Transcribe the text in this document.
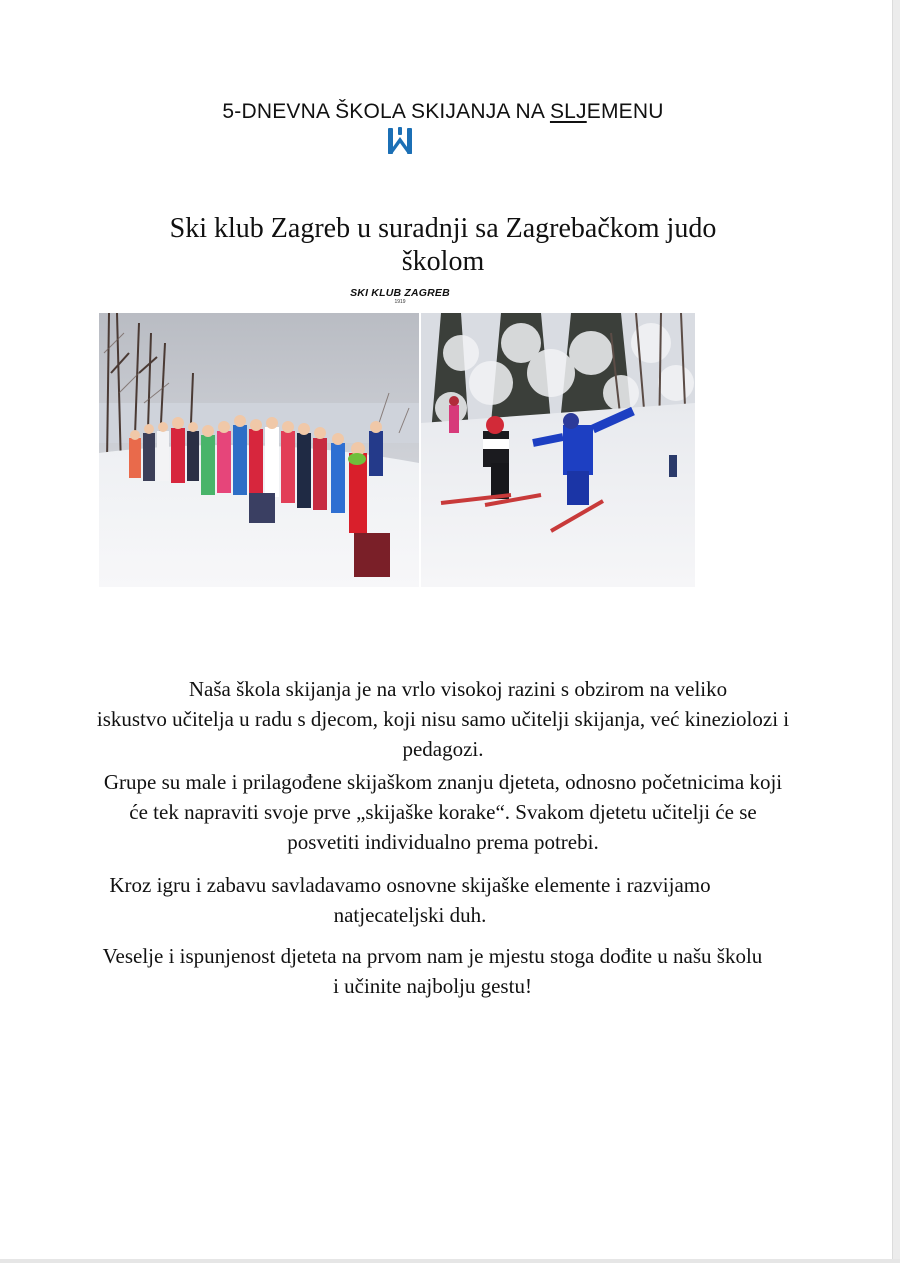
5-DNEVNA ŠKOLA SKIJANJA NA SLJEMENU
SKI KLUB ZAGREB
1919
Ski klub Zagreb u suradnji sa Zagrebačkom judo školom
Naša škola skijanja je na vrlo visokoj razini s obzirom na veliko
iskustvo učitelja u radu s djecom, koji nisu samo učitelji skijanja, već kineziolozi i pedagozi.
Grupe su male i prilagođene skijaškom znanju djeteta, odnosno početnicima koji će tek napraviti svoje prve „skijaške korake“. Svakom djetetu učitelji će se posvetiti individualno prema potrebi.
Kroz igru i zabavu savladavamo osnovne skijaške elemente i razvijamo natjecateljski duh.
Veselje i ispunjenost djeteta na prvom nam je mjestu stoga dođite u našu školu i učinite najbolju gestu!
